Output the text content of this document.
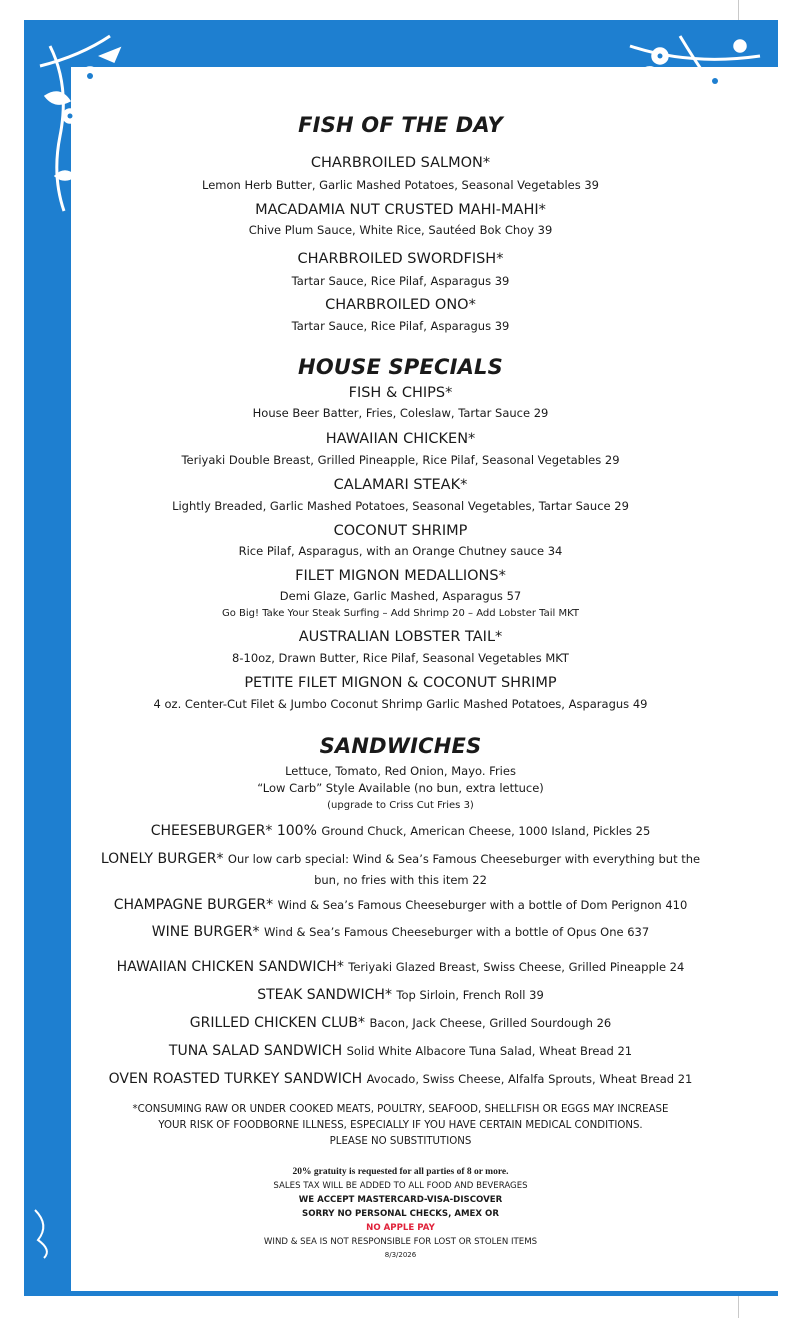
FISH OF THE DAY
CHARBROILED SALMON*
Lemon Herb Butter, Garlic Mashed Potatoes, Seasonal Vegetables 39
MACADAMIA NUT CRUSTED MAHI-MAHI*
Chive Plum Sauce, White Rice, Sautéed Bok Choy 39
CHARBROILED SWORDFISH*
Tartar Sauce, Rice Pilaf, Asparagus 39
CHARBROILED ONO*
Tartar Sauce, Rice Pilaf, Asparagus 39
HOUSE SPECIALS
FISH & CHIPS*
House Beer Batter, Fries, Coleslaw, Tartar Sauce 29
HAWAIIAN CHICKEN*
Teriyaki Double Breast, Grilled Pineapple, Rice Pilaf, Seasonal Vegetables 29
CALAMARI STEAK*
Lightly Breaded, Garlic Mashed Potatoes, Seasonal Vegetables, Tartar Sauce 29
COCONUT SHRIMP
Rice Pilaf, Asparagus, with an Orange Chutney sauce 34
FILET MIGNON MEDALLIONS*
Demi Glaze, Garlic Mashed, Asparagus 57
Go Big! Take Your Steak Surfing – Add Shrimp 20 – Add Lobster Tail MKT
AUSTRALIAN LOBSTER TAIL*
8-10oz, Drawn Butter, Rice Pilaf, Seasonal Vegetables MKT
PETITE FILET MIGNON & COCONUT SHRIMP
4 oz. Center-Cut Filet & Jumbo Coconut Shrimp Garlic Mashed Potatoes, Asparagus 49
SANDWICHES
Lettuce, Tomato, Red Onion, Mayo. Fries
“Low Carb” Style Available (no bun, extra lettuce)
(upgrade to Criss Cut Fries 3)
CHEESEBURGER* 100% Ground Chuck, American Cheese, 1000 Island, Pickles 25
LONELY BURGER* Our low carb special: Wind & Sea’s Famous Cheeseburger with everything but the
bun, no fries with this item 22
CHAMPAGNE BURGER* Wind & Sea’s Famous Cheeseburger with a bottle of Dom Perignon 410
WINE BURGER* Wind & Sea’s Famous Cheeseburger with a bottle of Opus One 637
HAWAIIAN CHICKEN SANDWICH* Teriyaki Glazed Breast, Swiss Cheese, Grilled Pineapple 24
STEAK SANDWICH* Top Sirloin, French Roll 39
GRILLED CHICKEN CLUB* Bacon, Jack Cheese, Grilled Sourdough 26
TUNA SALAD SANDWICH Solid White Albacore Tuna Salad, Wheat Bread 21
OVEN ROASTED TURKEY SANDWICH Avocado, Swiss Cheese, Alfalfa Sprouts, Wheat Bread 21
*CONSUMING RAW OR UNDER COOKED MEATS, POULTRY, SEAFOOD, SHELLFISH OR EGGS MAY INCREASE
YOUR RISK OF FOODBORNE ILLNESS, ESPECIALLY IF YOU HAVE CERTAIN MEDICAL CONDITIONS.
PLEASE NO SUBSTITUTIONS
20% gratuity is requested for all parties of 8 or more.
SALES TAX WILL BE ADDED TO ALL FOOD AND BEVERAGES
WE ACCEPT MASTERCARD-VISA-DISCOVER
SORRY NO PERSONAL CHECKS, AMEX OR
NO APPLE PAY
WIND & SEA IS NOT RESPONSIBLE FOR LOST OR STOLEN ITEMS
8/3/2026
